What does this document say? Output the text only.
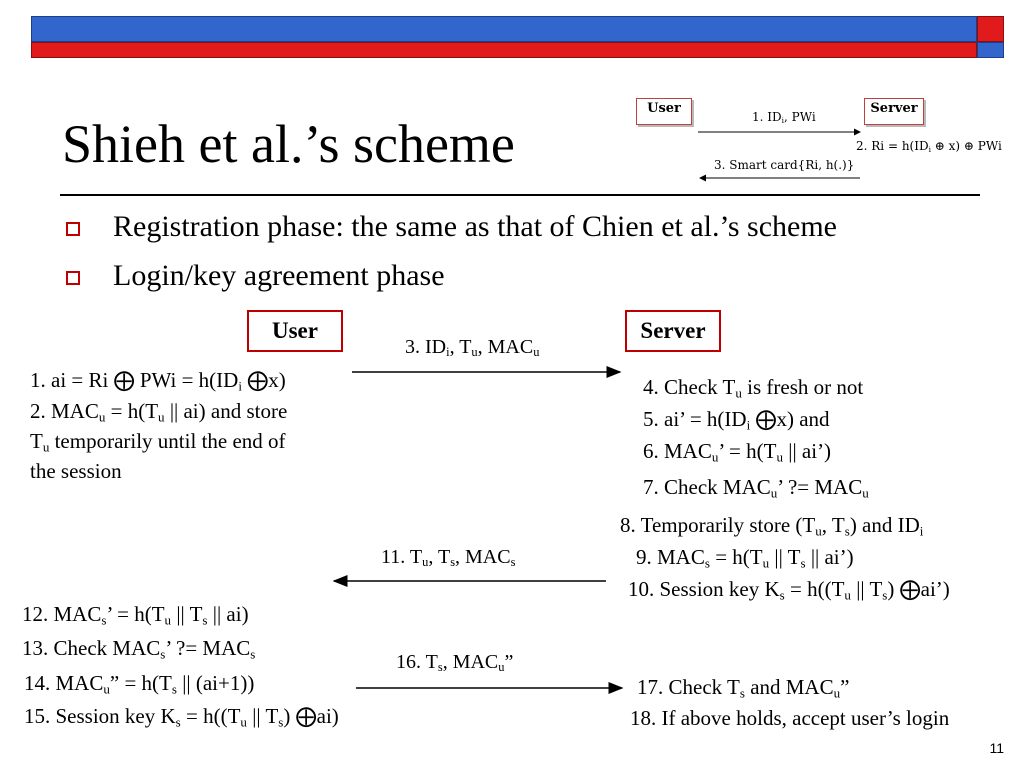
Shieh et al.’s scheme
User	Server
1. $ID_i$, PWi
2. $Ri = h(ID_i$ ⊕ x) ⊕ PWi
3. Smart card{Ri, h(.)}
Registration phase: the same as that of Chien et al.’s scheme
Login/key agreement phase
User	Server
3. $ID_i$, $T_u$, $MAC_u$
11. $T_u$, $T_s$, $MAC_s$
16. $T_s$, $MAC_u$”
1. ai = Ri ⨁ PWi = $h(ID_i$ ⨁x)
2. $MAC_u = h(T_u$ || ai) and store
$T_u$ temporarily until the end of
the session
4. Check $T_u$ is fresh or not
5. ai’ = $h(ID_i$ ⨁x) and
6. $MAC_u$’ = $h(T_u$ || ai’)
7. Check $MAC_u$’ ?= $MAC_u$
8. Temporarily store ($T_u$, $T_s$) and $ID_i$
9. $MAC_s = h(T_u$ || $T_s$ || ai’)
10. Session key $K_s = h((T_u$ || $T_s$) ⨁ai’)
12. $MAC_s$’ = $h(T_u$ || $T_s$ || ai)
13. Check $MAC_s$’ ?= $MAC_s$
14. $MAC_u$” = $h(T_s$ || (ai+1))
15. Session key $K_s = h((T_u$ || $T_s$) ⨁ai)
17. Check $T_s$ and $MAC_u$”
18. If above holds, accept user’s login
11
